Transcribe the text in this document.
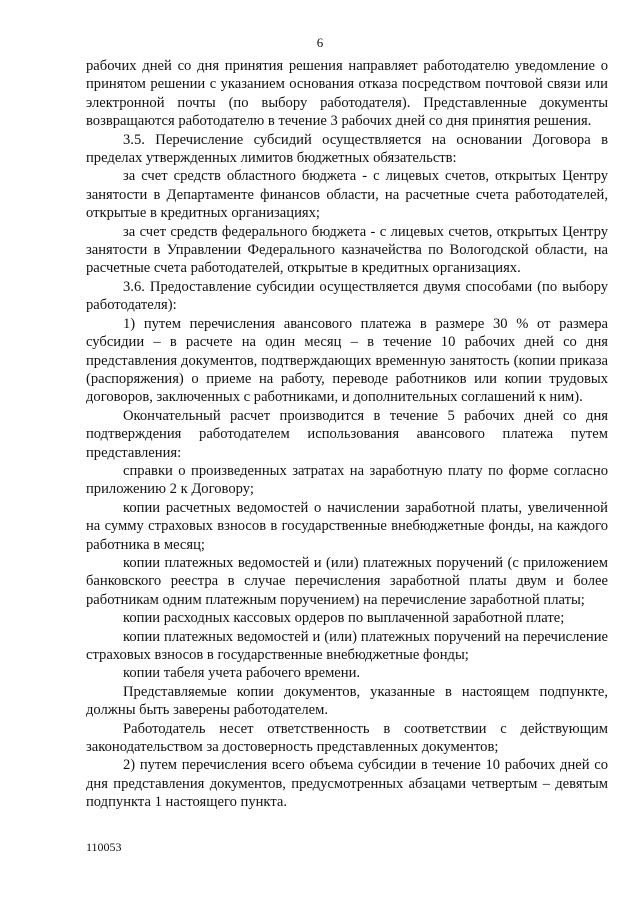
6

рабочих дней со дня принятия решения направляет работодателю уведомление о принятом решении с указанием основания отказа посредством почтовой связи или электронной почты (по выбору работодателя). Представленные документы возвращаются работодателю в течение 3 рабочих дней со дня принятия решения.

3.5. Перечисление субсидий осуществляется на основании Договора в пределах утвержденных лимитов бюджетных обязательств:

за счет средств областного бюджета - с лицевых счетов, открытых Центру занятости в Департаменте финансов области, на расчетные счета работодателей, открытые в кредитных организациях;

за счет средств федерального бюджета - с лицевых счетов, открытых Центру занятости в Управлении Федерального казначейства по Вологодской области, на расчетные счета работодателей, открытые в кредитных организациях.

3.6. Предоставление субсидии осуществляется двумя способами (по выбору работодателя):

1) путем перечисления авансового платежа в размере 30 % от размера субсидии – в расчете на один месяц – в течение 10 рабочих дней со дня представления документов, подтверждающих временную занятость (копии приказа (распоряжения) о приеме на работу, переводе работников или копии трудовых договоров, заключенных с работниками, и дополнительных соглашений к ним).

Окончательный расчет производится в течение 5 рабочих дней со дня подтверждения работодателем использования авансового платежа путем представления:

справки о произведенных затратах на заработную плату по форме согласно приложению 2 к Договору;

копии расчетных ведомостей о начислении заработной платы, увеличенной на сумму страховых взносов в государственные внебюджетные фонды, на каждого работника в месяц;

копии платежных ведомостей и (или) платежных поручений (с приложением банковского реестра в случае перечисления заработной платы двум и более работникам одним платежным поручением) на перечисление заработной платы;

копии расходных кассовых ордеров по выплаченной заработной плате;

копии платежных ведомостей и (или) платежных поручений на перечисление страховых взносов в государственные внебюджетные фонды;

копии табеля учета рабочего времени.

Представляемые копии документов, указанные в настоящем подпункте, должны быть заверены работодателем.

Работодатель несет ответственность в соответствии с действующим законодательством за достоверность представленных документов;

2) путем перечисления всего объема субсидии в течение 10 рабочих дней со дня представления документов, предусмотренных абзацами четвертым – девятым подпункта 1 настоящего пункта.

110053
